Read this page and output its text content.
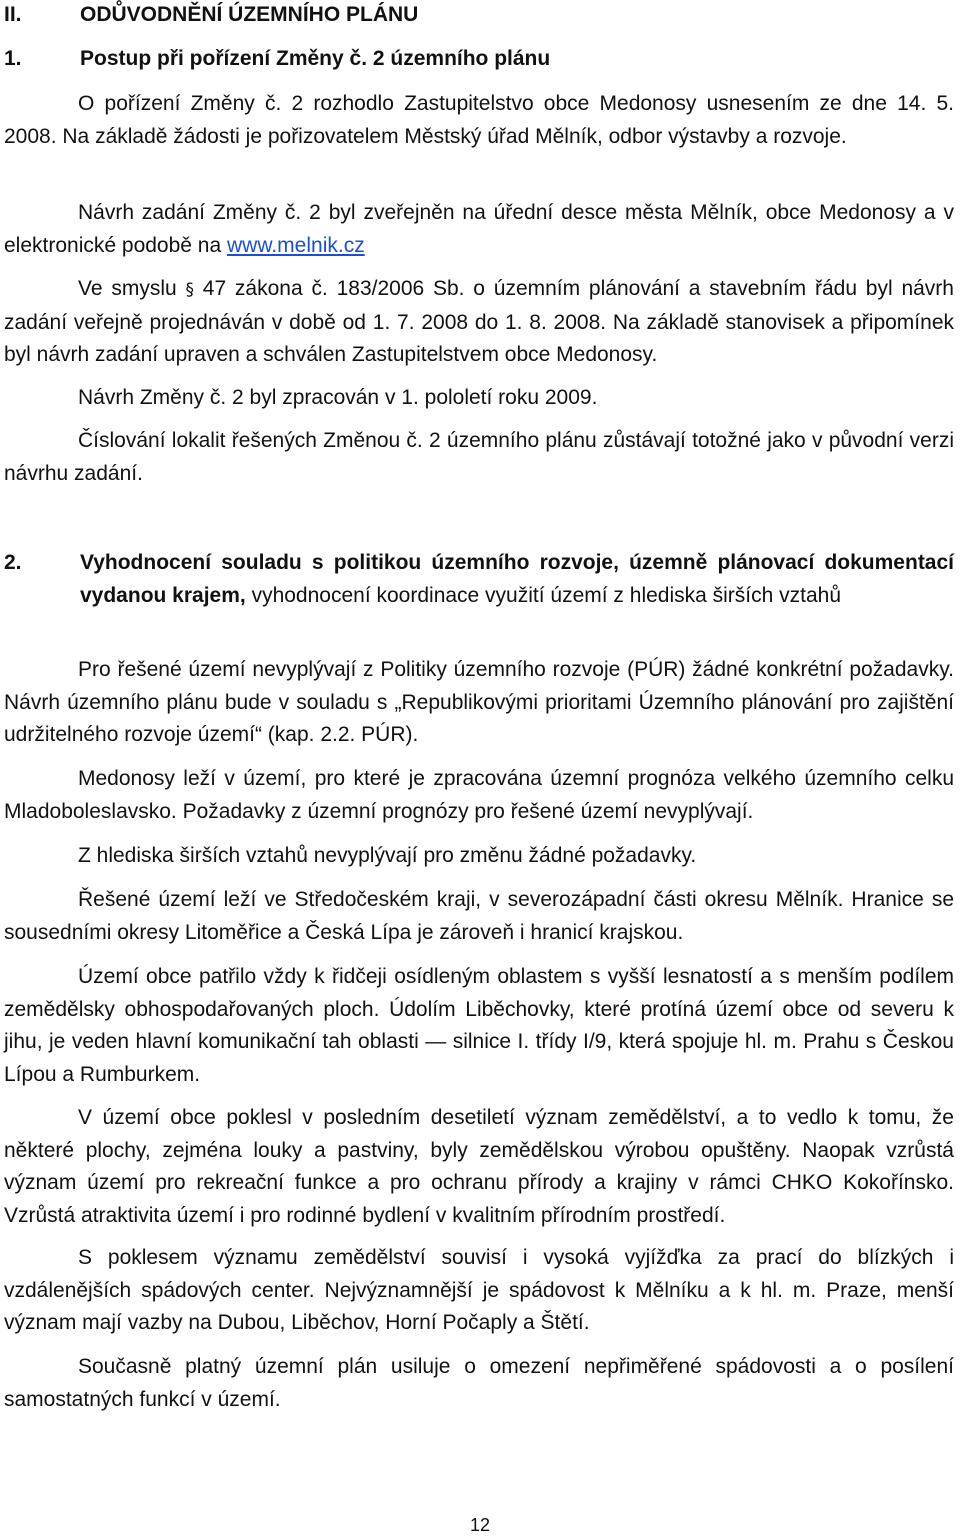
II.	ODŮVODNĚNÍ ÚZEMNÍHO PLÁNU
1.	Postup při pořízení Změny č. 2 územního plánu

O pořízení Změny č. 2 rozhodlo Zastupitelstvo obce Medonosy usnesením ze dne 14. 5. 2008. Na základě žádosti je pořizovatelem Městský úřad Mělník, odbor výstavby a rozvoje.

Návrh zadání Změny č. 2 byl zveřejněn na úřední desce města Mělník, obce Medonosy a v elektronické podobě na www.melnik.cz

Ve smyslu § 47 zákona č. 183/2006 Sb. o územním plánování a stavebním řádu byl návrh zadání veřejně projednáván v době od 1. 7. 2008 do 1. 8. 2008. Na základě stanovisek a připomínek byl návrh zadání upraven a schválen Zastupitelstvem obce Medonosy.

Návrh Změny č. 2 byl zpracován v 1. pololetí roku 2009.

Číslování lokalit řešených Změnou č. 2 územního plánu zůstávají totožné jako v původní verzi návrhu zadání.

2.	Vyhodnocení souladu s politikou územního rozvoje, územně plánovací dokumentací vydanou krajem, vyhodnocení koordinace využití území z hlediska širších vztahů

Pro řešené území nevyplývají z Politiky územního rozvoje (PÚR) žádné konkrétní požadavky. Návrh územního plánu bude v souladu s „Republikovými prioritami Územního plánování pro zajištění udržitelného rozvoje území“ (kap. 2.2. PÚR).

Medonosy leží v území, pro které je zpracována územní prognóza velkého územního celku Mladoboleslavsko. Požadavky z územní prognózy pro řešené území nevyplývají.

Z hlediska širších vztahů nevyplývají pro změnu žádné požadavky.

Řešené území leží ve Středočeském kraji, v severozápadní části okresu Mělník. Hranice se sousedními okresy Litoměřice a Česká Lípa je zároveň i hranicí krajskou.

Území obce patřilo vždy k řidčeji osídleným oblastem s vyšší lesnatostí a s menším podílem zemědělsky obhospodařovaných ploch. Údolím Liběchovky, které protíná území obce od severu k jihu, je veden hlavní komunikační tah oblasti — silnice I. třídy I/9, která spojuje hl. m. Prahu s Českou Lípou a Rumburkem.

V území obce poklesl v posledním desetiletí význam zemědělství, a to vedlo k tomu, že některé plochy, zejména louky a pastviny, byly zemědělskou výrobou opuštěny. Naopak vzrůstá význam území pro rekreační funkce a pro ochranu přírody a krajiny v rámci CHKO Kokořínsko. Vzrůstá atraktivita území i pro rodinné bydlení v kvalitním přírodním prostředí.

S poklesem významu zemědělství souvisí i vysoká vyjížďka za prací do blízkých i vzdálenějších spádových center. Nejvýznamnější je spádovost k Mělníku a k hl. m. Praze, menší význam mají vazby na Dubou, Liběchov, Horní Počaply a Štětí.

Současně platný územní plán usiluje o omezení nepřiměřené spádovosti a o posílení samostatných funkcí v území.

12
